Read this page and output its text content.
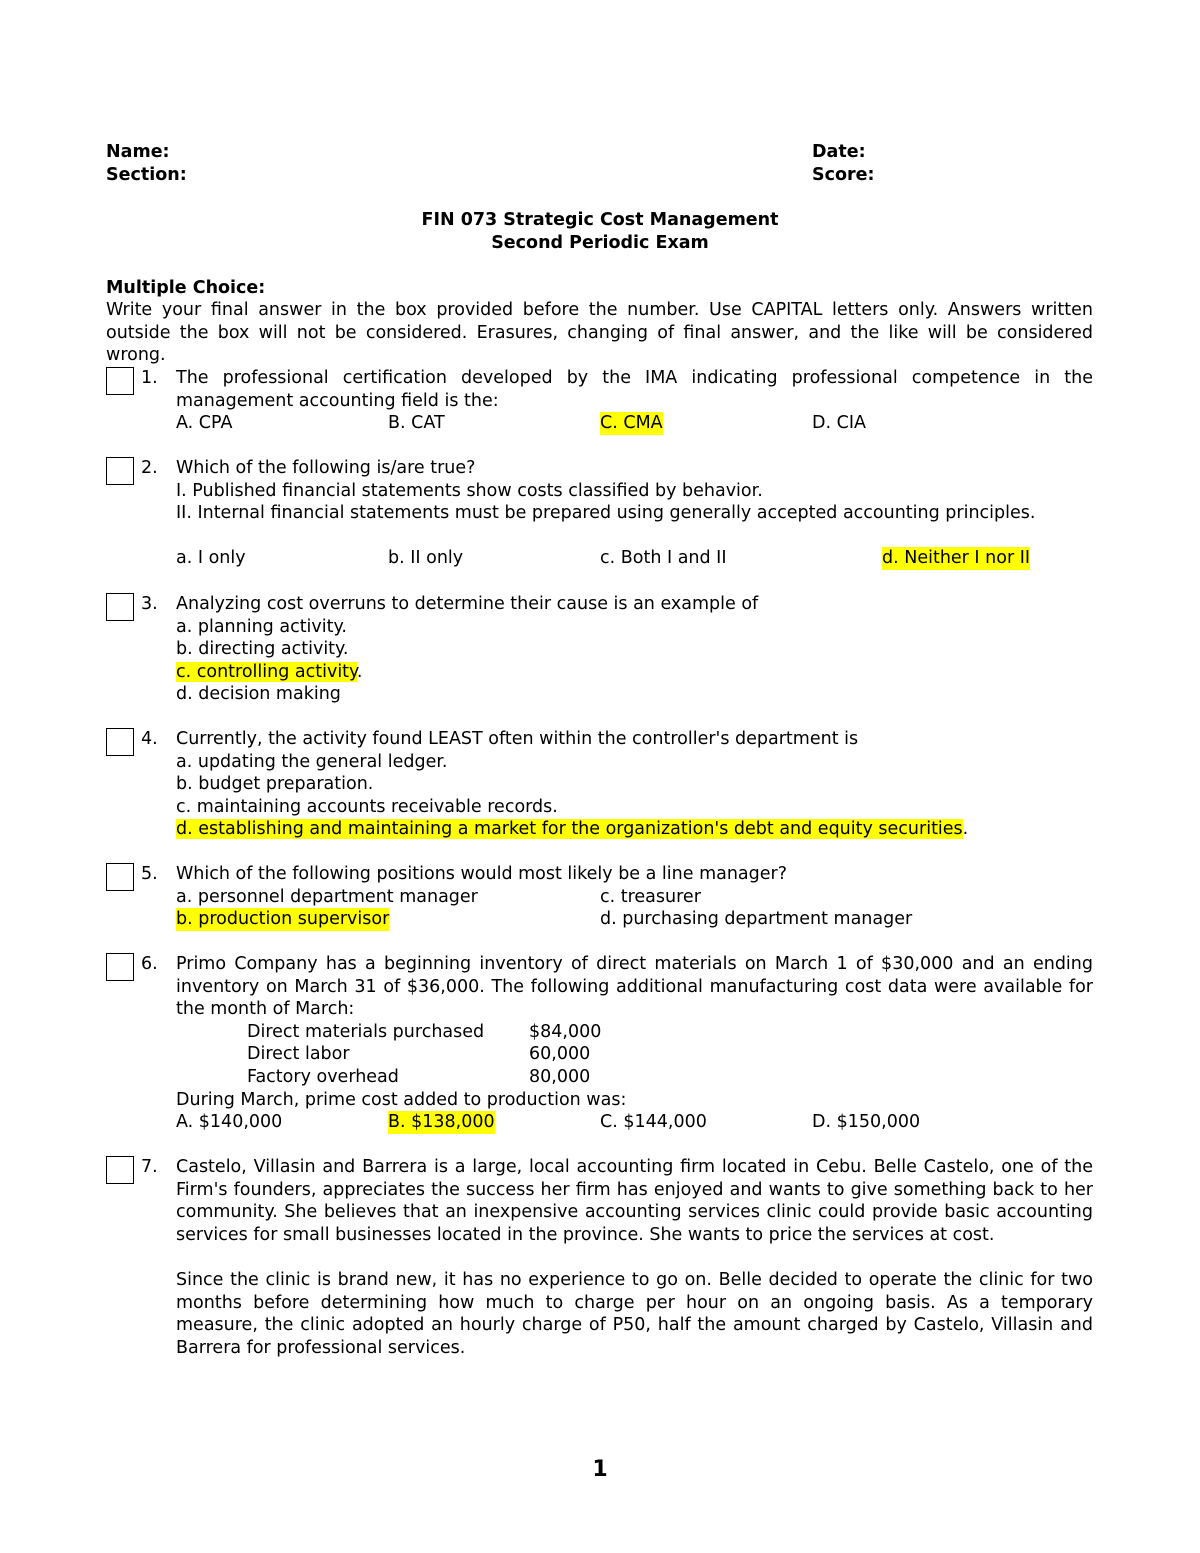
Name:
Section:
Date:
Score:
FIN 073 Strategic Cost Management
Second Periodic Exam
Multiple Choice:
Write your final answer in the box provided before the number. Use CAPITAL letters only. Answers written outside the box will not be considered. Erasures, changing of final answer, and the like will be considered wrong.
1. The professional certification developed by the IMA indicating professional competence in the management accounting field is the:
A. CPA	B. CAT	C. CMA	D. CIA
2. Which of the following is/are true?
I. Published financial statements show costs classified by behavior.
II. Internal financial statements must be prepared using generally accepted accounting principles.
a. I only	b. II only	c. Both I and II	d. Neither I nor II
3. Analyzing cost overruns to determine their cause is an example of
a. planning activity.
b. directing activity.
c. controlling activity.
d. decision making
4. Currently, the activity found LEAST often within the controller's department is
a. updating the general ledger.
b. budget preparation.
c. maintaining accounts receivable records.
d. establishing and maintaining a market for the organization's debt and equity securities.
5. Which of the following positions would most likely be a line manager?
a. personnel department manager	c. treasurer
b. production supervisor	d. purchasing department manager
6. Primo Company has a beginning inventory of direct materials on March 1 of $30,000 and an ending inventory on March 31 of $36,000. The following additional manufacturing cost data were available for the month of March:
Direct materials purchased	$84,000
Direct labor	60,000
Factory overhead	80,000
During March, prime cost added to production was:
A. $140,000	B. $138,000	C. $144,000	D. $150,000
7. Castelo, Villasin and Barrera is a large, local accounting firm located in Cebu. Belle Castelo, one of the Firm's founders, appreciates the success her firm has enjoyed and wants to give something back to her community. She believes that an inexpensive accounting services clinic could provide basic accounting services for small businesses located in the province. She wants to price the services at cost.
Since the clinic is brand new, it has no experience to go on. Belle decided to operate the clinic for two months before determining how much to charge per hour on an ongoing basis. As a temporary measure, the clinic adopted an hourly charge of P50, half the amount charged by Castelo, Villasin and Barrera for professional services.
1
